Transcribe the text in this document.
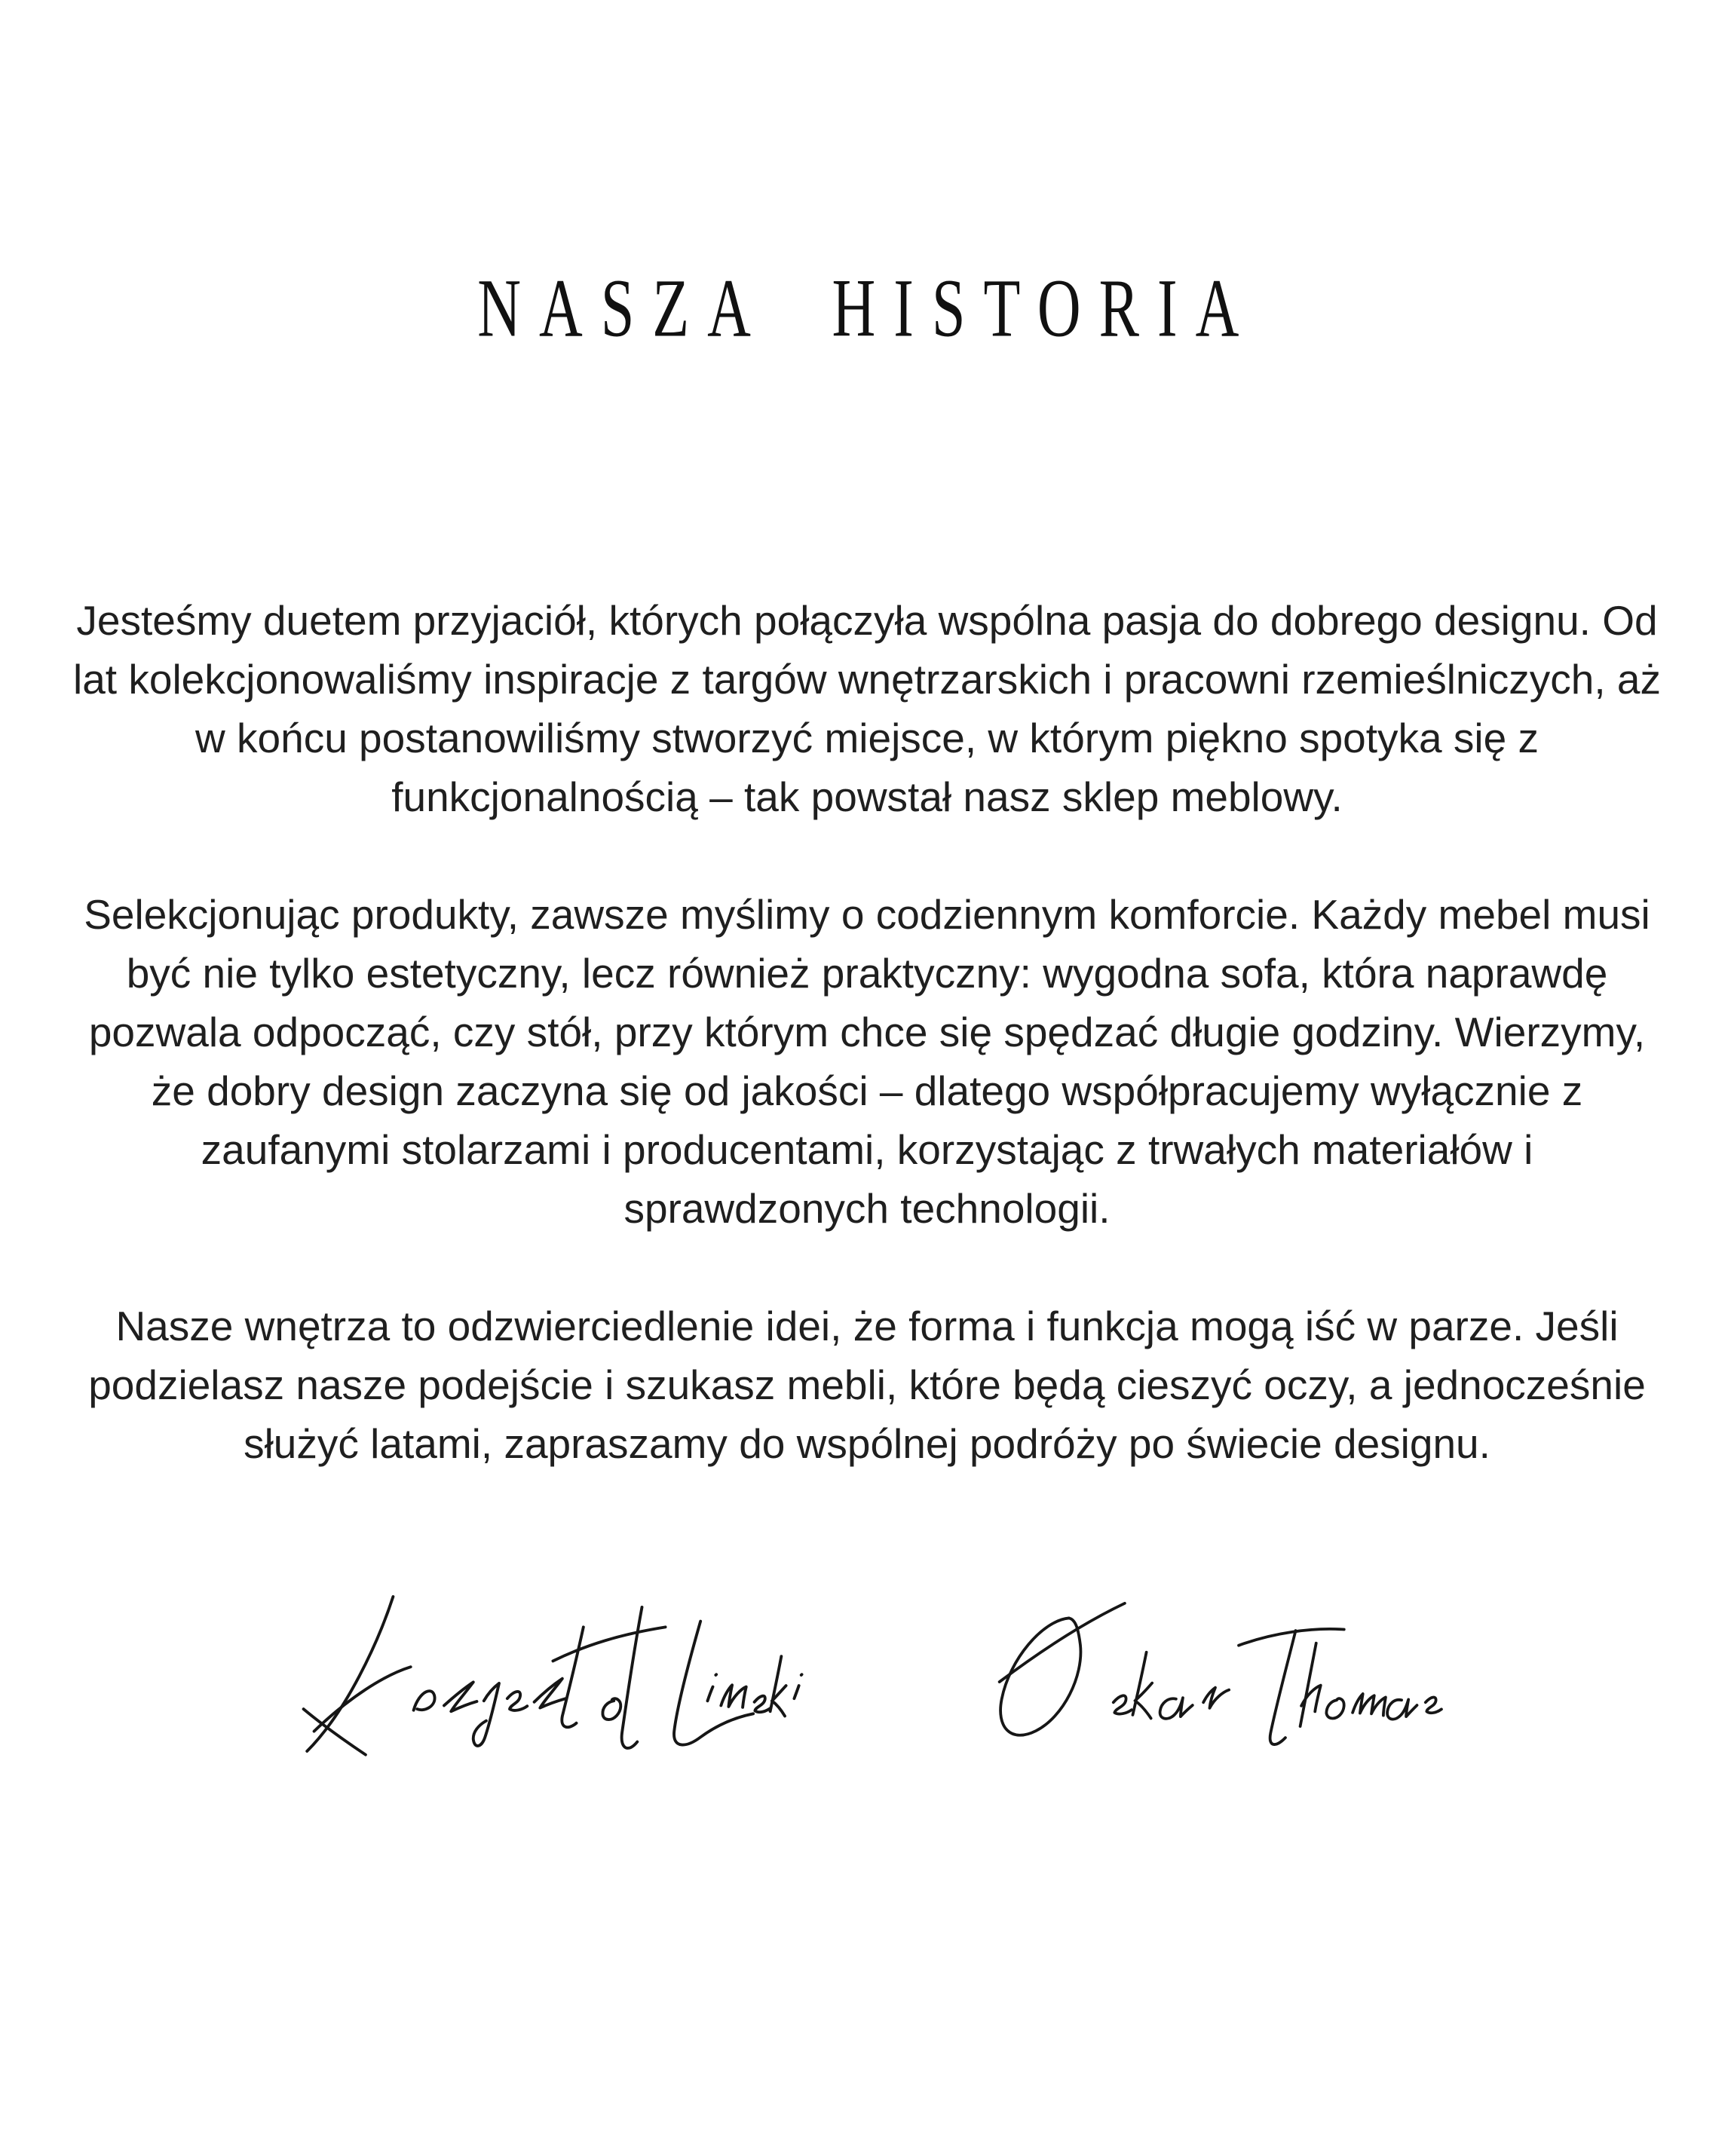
NASZA HISTORIA

Jesteśmy duetem przyjaciół, których połączyła wspólna pasja do dobrego designu. Od lat kolekcjonowaliśmy inspiracje z targów wnętrzarskich i pracowni rzemieślniczych, aż w końcu postanowiliśmy stworzyć miejsce, w którym piękno spotyka się z funkcjonalnością – tak powstał nasz sklep meblowy.

Selekcjonując produkty, zawsze myślimy o codziennym komforcie. Każdy mebel musi być nie tylko estetyczny, lecz również praktyczny: wygodna sofa, która naprawdę pozwala odpocząć, czy stół, przy którym chce się spędzać długie godziny. Wierzymy, że dobry design zaczyna się od jakości – dlatego współpracujemy wyłącznie z zaufanymi stolarzami i producentami, korzystając z trwałych materiałów i sprawdzonych technologii.

Nasze wnętrza to odzwierciedlenie idei, że forma i funkcja mogą iść w parze. Jeśli podzielasz nasze podejście i szukasz mebli, które będą cieszyć oczy, a jednocześnie służyć latami, zapraszamy do wspólnej podróży po świecie designu.
